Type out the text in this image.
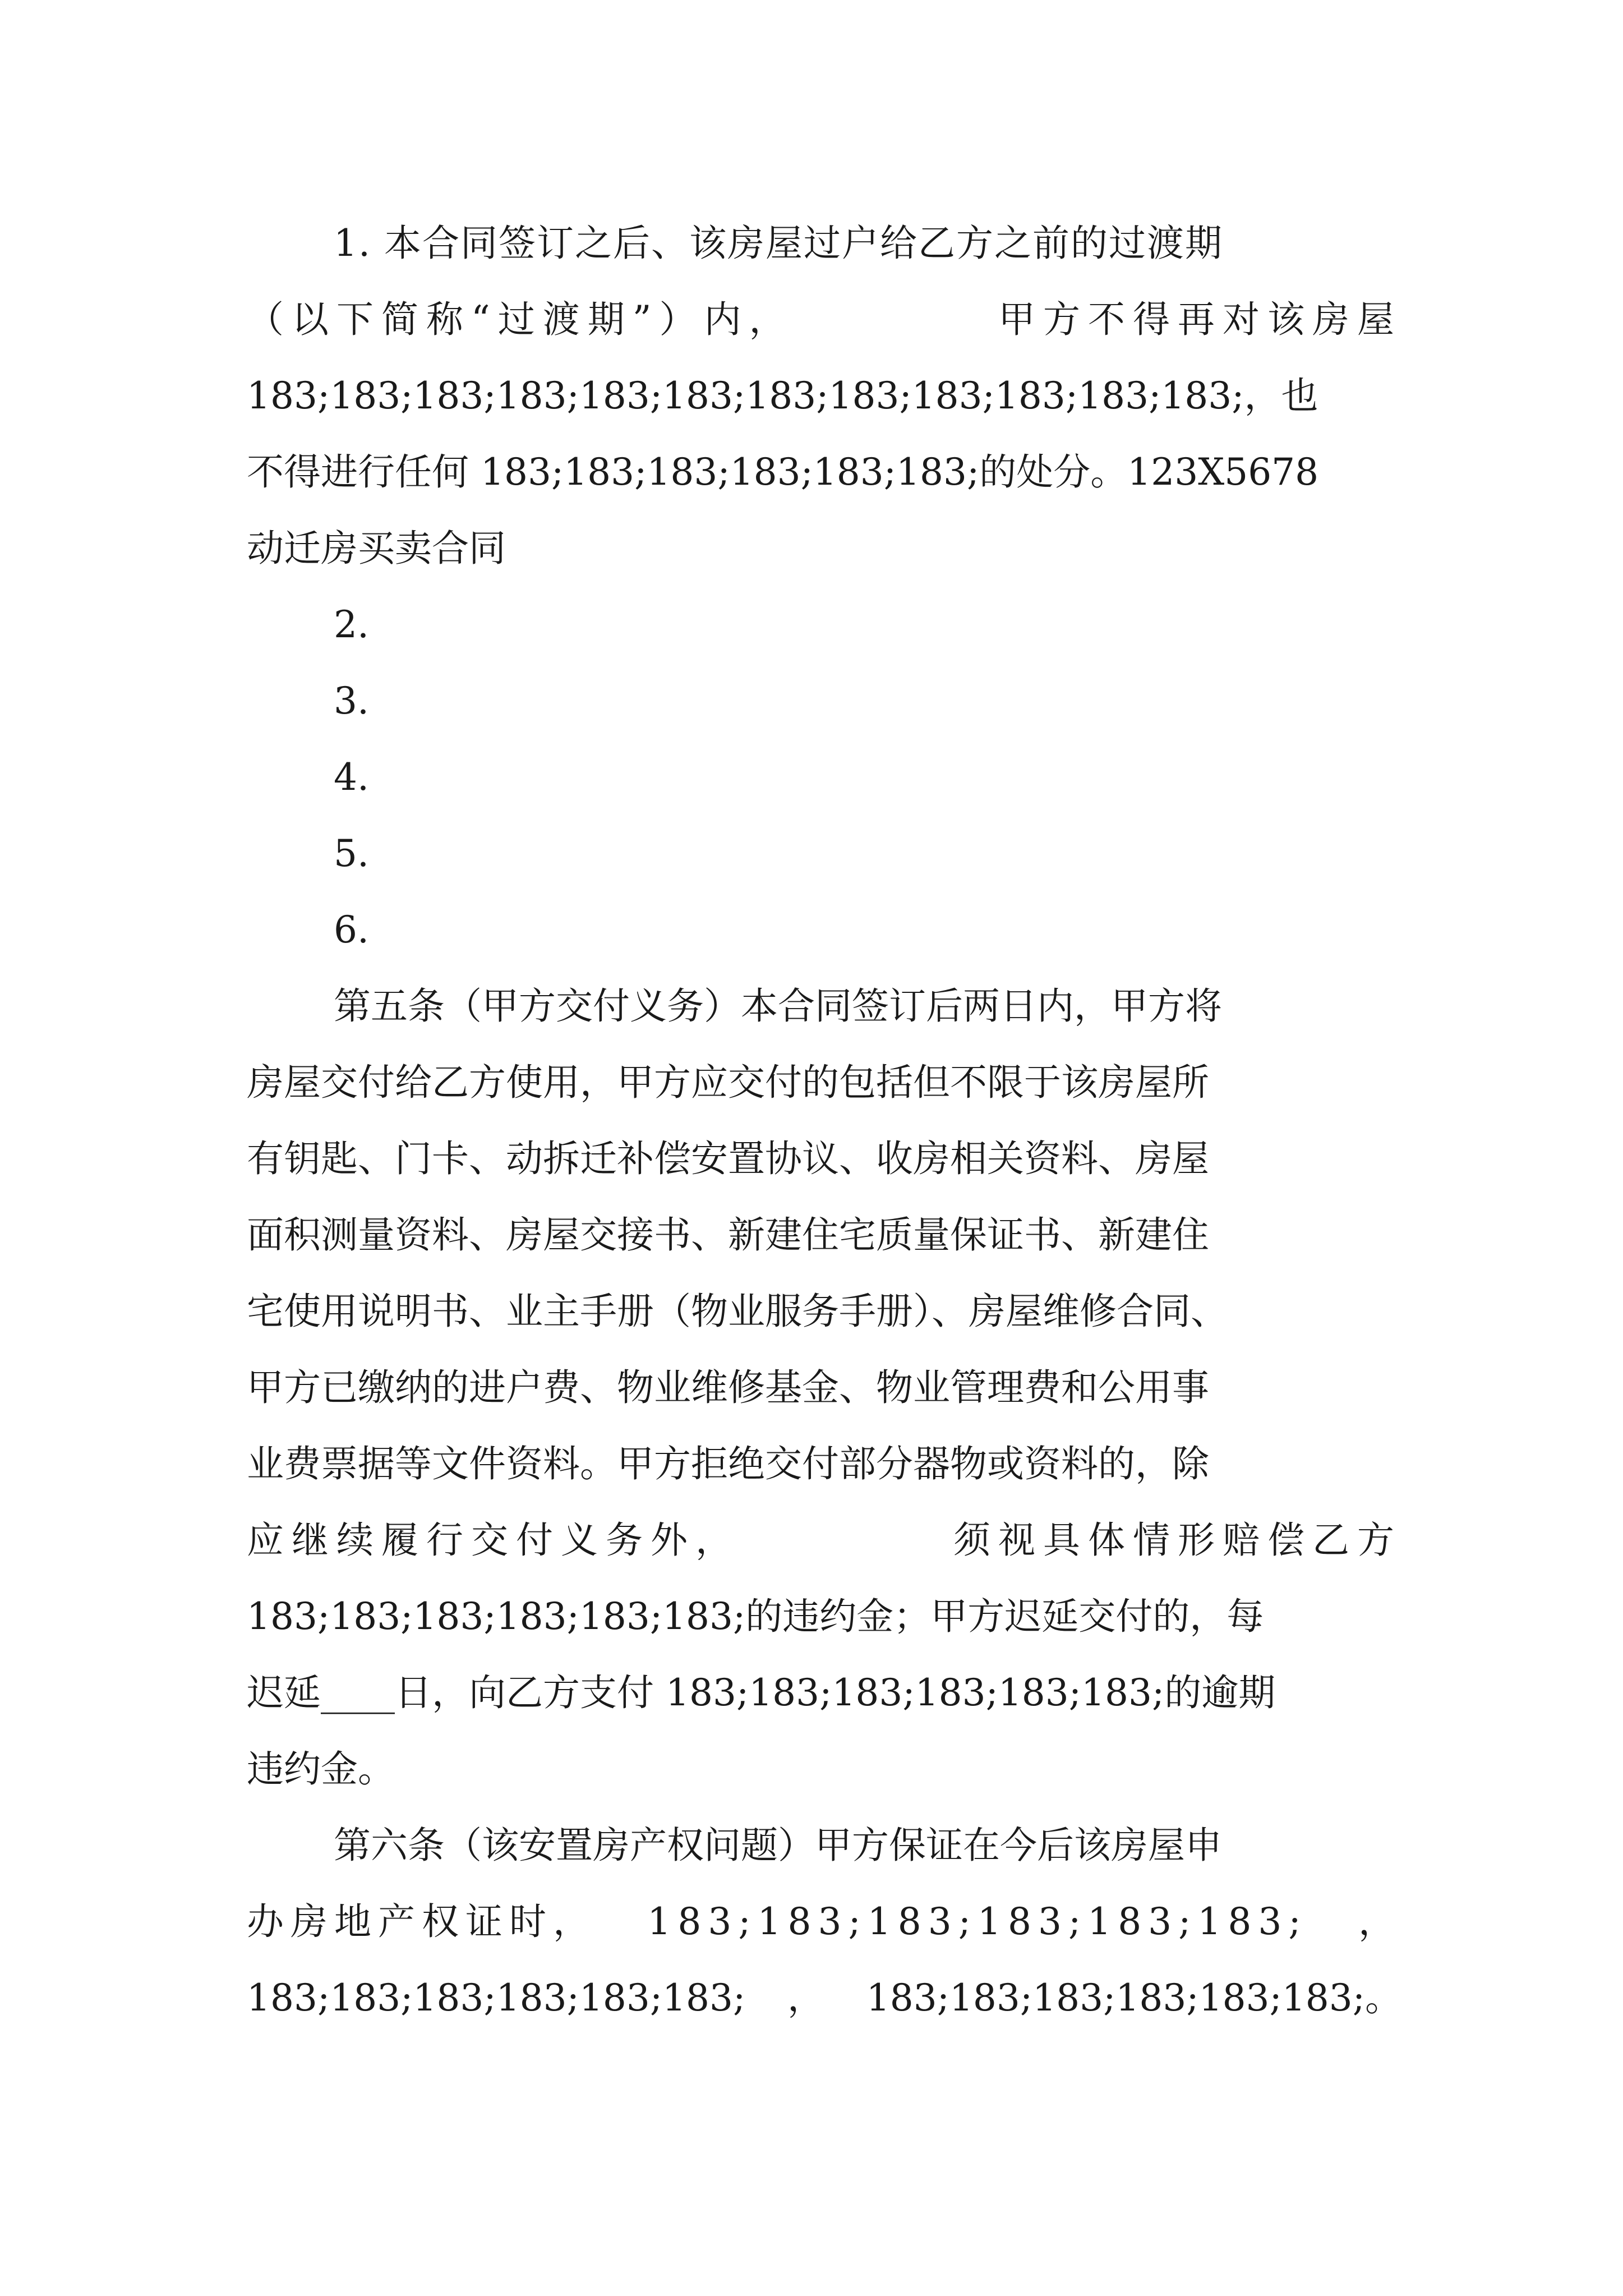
1. 本合同签订之后、该房屋过户给乙方之前的过渡期
（以下简称“过渡期”）内，	甲方不得再对该房屋
183;183;183;183;183;183;183;183;183;183;183;183;，也
不得进行任何 183;183;183;183;183;183;的处分。123X5678
动迁房买卖合同
2.
3.
4.
5.
6.
第五条（甲方交付义务）本合同签订后两日内，甲方将
房屋交付给乙方使用，甲方应交付的包括但不限于该房屋所
有钥匙、门卡、动拆迁补偿安置协议、收房相关资料、房屋
面积测量资料、房屋交接书、新建住宅质量保证书、新建住
宅使用说明书、业主手册（物业服务手册）、房屋维修合同、
甲方已缴纳的进户费、物业维修基金、物业管理费和公用事
业费票据等文件资料。甲方拒绝交付部分器物或资料的，除
应继续履行交付义务外，	须视具体情形赔偿乙方
183;183;183;183;183;183;的违约金；甲方迟延交付的，每
迟延____日，向乙方支付 183;183;183;183;183;183;的逾期
违约金。
第六条（该安置房产权问题）甲方保证在今后该房屋申
办房地产权证时， 183;183;183;183;183;183; ，
183;183;183;183;183;183; ， 183;183;183;183;183;183;。
